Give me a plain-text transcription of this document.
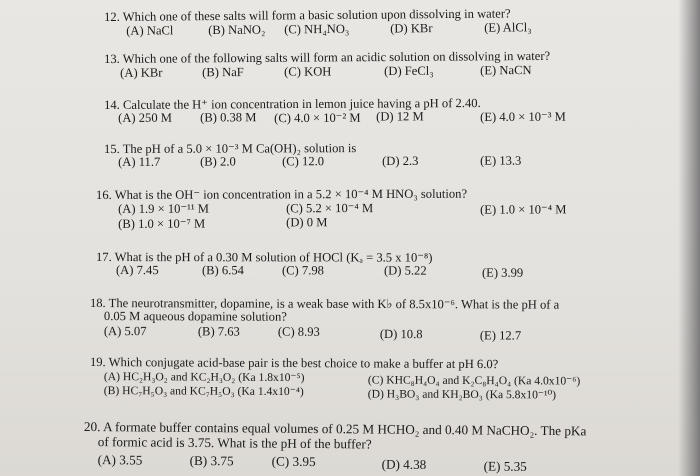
12. Which one of these salts will form a basic solution upon dissolving in water?
(A) NaCl	(B) NaNO₂ (C) NH₄NO₃	(D) KBr	(E) AlCl₃
13. Which one of the following salts will form an acidic solution on dissolving in water?
(A) KBr	(B) NaF	(C) KOH	(D) FeCl₃	(E) NaCN
14. Calculate the H⁺ ion concentration in lemon juice having a pH of 2.40.
(A) 250 M (B) 0.38 M (C) 4.0 × 10⁻² M (D) 12 M	(E) 4.0 × 10⁻³ M
15. The pH of a 5.0 × 10⁻³ M Ca(OH)₂ solution is
(A) 11.7	(B) 2.0	(C) 12.0	(D) 2.3	(E) 13.3
16. What is the OH⁻ ion concentration in a 5.2 × 10⁻⁴ M HNO₃ solution?
(A) 1.9 × 10⁻¹¹ M	(C) 5.2 × 10⁻⁴ M	(E) 1.0 × 10⁻⁴ M
(B) 1.0 × 10⁻⁷ M	(D) 0 M
17. What is the pH of a 0.30 M solution of HOCl (Kₐ = 3.5 x 10⁻⁸)
(A) 7.45	(B) 6.54	(C) 7.98	(D) 5.22	(E) 3.99
18. The neurotransmitter, dopamine, is a weak base with K♭ of 8.5x10⁻⁶. What is the pH of a
0.05 M aqueous dopamine solution?
(A) 5.07	(B) 7.63	(C) 8.93	(D) 10.8	(E) 12.7
19. Which conjugate acid-base pair is the best choice to make a buffer at pH 6.0?
(A) HC₂H₃O₂ and KC₂H₃O₂ (Ka 1.8x10⁻⁵)	(C) KHC₈H₄O₄ and K₂C₈H₄O₄ (Ka 4.0x10⁻⁶)
(B) HC₇H₅O₃ and KC₇H₅O₃ (Ka 1.4x10⁻⁴)	(D) H₃BO₃ and KH₂BO₃ (Ka 5.8x10⁻¹⁰)
20. A formate buffer contains equal volumes of 0.25 M HCHO₂ and 0.40 M NaCHO₂. The pKa
of formic acid is 3.75. What is the pH of the buffer?
(A) 3.55	(B) 3.75	(C) 3.95	(D) 4.38	(E) 5.35
